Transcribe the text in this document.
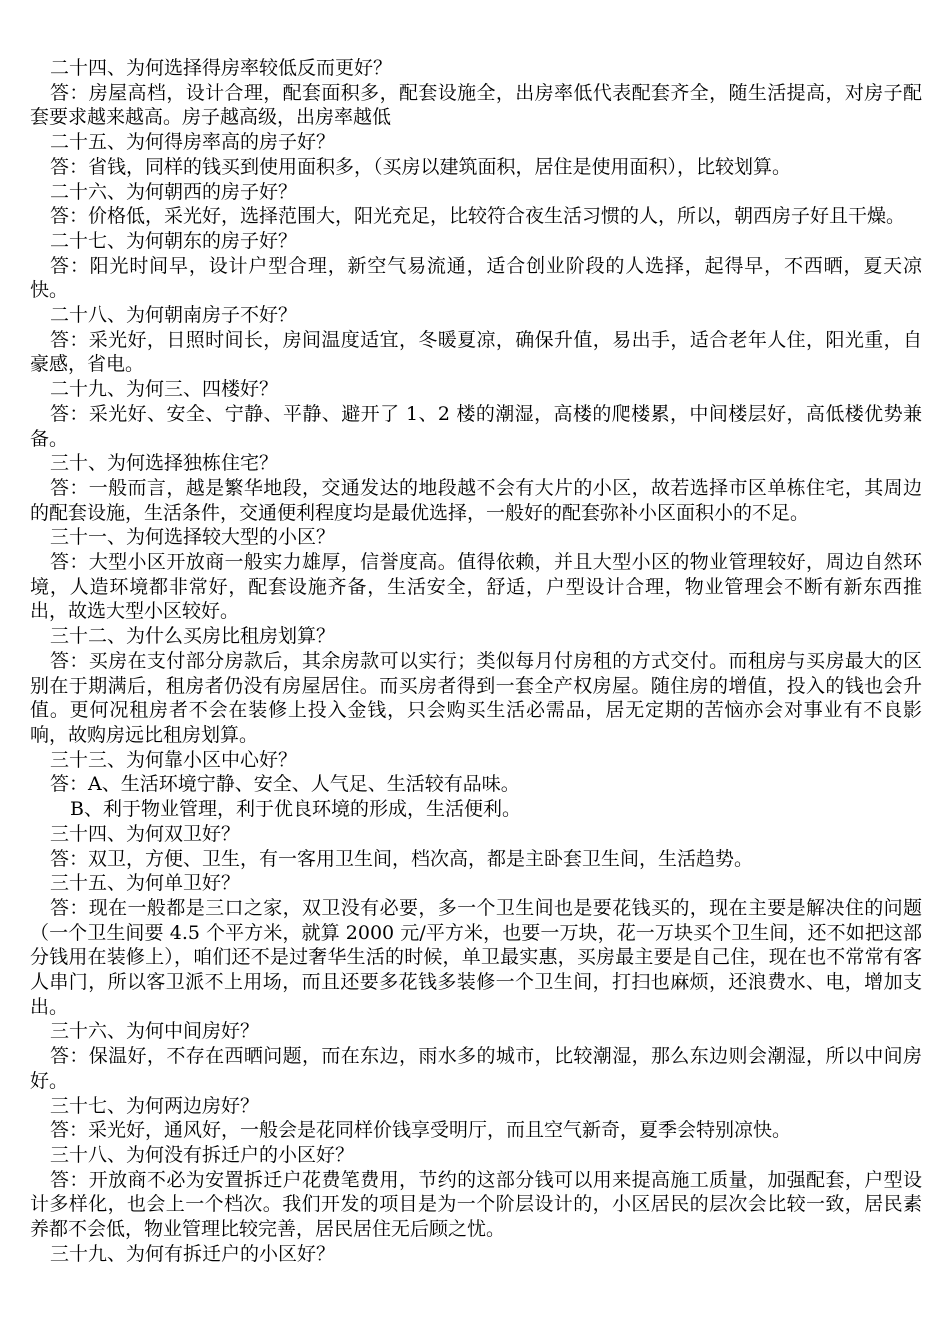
二十四、为何选择得房率较低反而更好？
答：房屋高档，设计合理，配套面积多，配套设施全，出房率低代表配套齐全，随生活提高，对房子配套要求越来越高。房子越高级，出房率越低
二十五、为何得房率高的房子好？
答：省钱，同样的钱买到使用面积多，（买房以建筑面积，居住是使用面积），比较划算。
二十六、为何朝西的房子好？
答：价格低，采光好，选择范围大，阳光充足，比较符合夜生活习惯的人，所以，朝西房子好且干燥。
二十七、为何朝东的房子好？
答：阳光时间早，设计户型合理，新空气易流通，适合创业阶段的人选择，起得早，不西晒，夏天凉快。
二十八、为何朝南房子不好？
答：采光好，日照时间长，房间温度适宜，冬暖夏凉，确保升值，易出手，适合老年人住，阳光重，自豪感，省电。
二十九、为何三、四楼好？
答：采光好、安全、宁静、平静、避开了 1、2 楼的潮湿，高楼的爬楼累，中间楼层好，高低楼优势兼备。
三十、为何选择独栋住宅？
答：一般而言，越是繁华地段，交通发达的地段越不会有大片的小区，故若选择市区单栋住宅，其周边的配套设施，生活条件，交通便利程度均是最优选择，一般好的配套弥补小区面积小的不足。
三十一、为何选择较大型的小区？
答：大型小区开放商一般实力雄厚，信誉度高。值得依赖，并且大型小区的物业管理较好，周边自然环境，人造环境都非常好，配套设施齐备，生活安全，舒适，户型设计合理，物业管理会不断有新东西推出，故选大型小区较好。
三十二、为什么买房比租房划算？
答：买房在支付部分房款后，其余房款可以实行；类似每月付房租的方式交付。而租房与买房最大的区别在于期满后，租房者仍没有房屋居住。而买房者得到一套全产权房屋。随住房的增值，投入的钱也会升值。更何况租房者不会在装修上投入金钱，只会购买生活必需品，居无定期的苦恼亦会对事业有不良影响，故购房远比租房划算。
三十三、为何靠小区中心好？
答：A、生活环境宁静、安全、人气足、生活较有品味。
B、利于物业管理，利于优良环境的形成，生活便利。
三十四、为何双卫好？
答：双卫，方便、卫生，有一客用卫生间，档次高，都是主卧套卫生间，生活趋势。
三十五、为何单卫好？
答：现在一般都是三口之家，双卫没有必要，多一个卫生间也是要花钱买的，现在主要是解决住的问题（一个卫生间要 4.5 个平方米，就算 2000 元/平方米，也要一万块，花一万块买个卫生间，还不如把这部分钱用在装修上），咱们还不是过奢华生活的时候，单卫最实惠，买房最主要是自己住，现在也不常常有客人串门，所以客卫派不上用场，而且还要多花钱多装修一个卫生间，打扫也麻烦，还浪费水、电，增加支出。
三十六、为何中间房好？
答：保温好，不存在西晒问题，而在东边，雨水多的城市，比较潮湿，那么东边则会潮湿，所以中间房好。
三十七、为何两边房好？
答：采光好，通风好，一般会是花同样价钱享受明厅，而且空气新奇，夏季会特别凉快。
三十八、为何没有拆迁户的小区好？
答：开放商不必为安置拆迁户花费笔费用，节约的这部分钱可以用来提高施工质量，加强配套，户型设计多样化，也会上一个档次。我们开发的项目是为一个阶层设计的，小区居民的层次会比较一致，居民素养都不会低，物业管理比较完善，居民居住无后顾之忧。
三十九、为何有拆迁户的小区好？
